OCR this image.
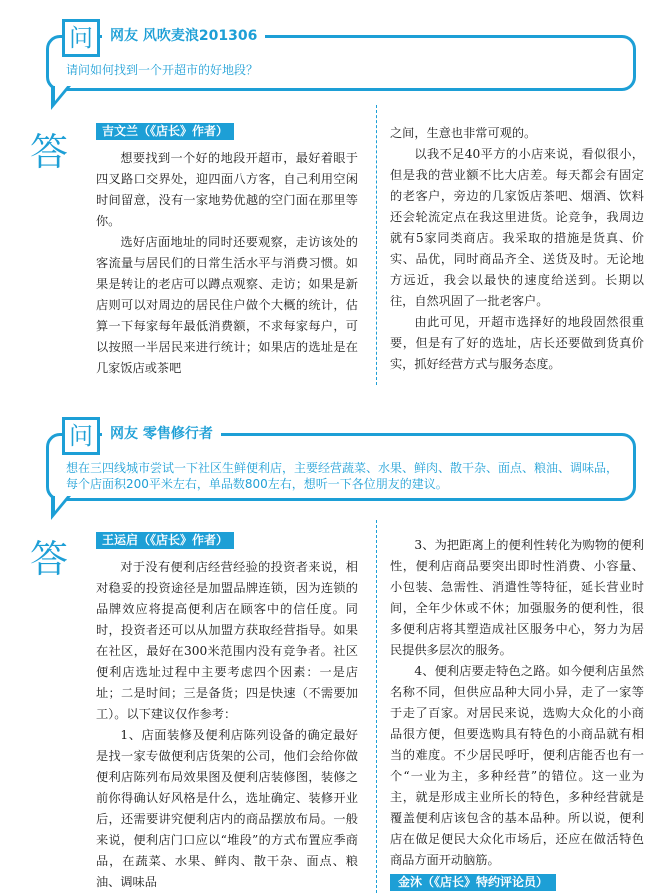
问	网友 风吹麦浪201306
请问如何找到一个开超市的好地段？
答	吉文兰（《店长》作者）

想要找到一个好的地段开超市，最好着眼于四叉路口交界处，迎四面八方客，自己利用空闲时间留意，没有一家地势优越的空门面在那里等你。

选好店面地址的同时还要观察，走访该处的客流量与居民们的日常生活水平与消费习惯。如果是转让的老店可以蹲点观察、走访；如果是新店则可以对周边的居民住户做个大概的统计，估算一下每家每年最低消费额，不求每家每户，可以按照一半居民来进行统计；如果店的选址是在几家饭店或茶吧

之间，生意也非常可观的。

以我不足40平方的小店来说，看似很小，但是我的营业额不比大店差。每天都会有固定的老客户，旁边的几家饭店茶吧、烟酒、饮料还会轮流定点在我这里进货。论竞争，我周边就有5家同类商店。我采取的措施是货真、价实、品优，同时商品齐全、送货及时。无论地方远近，我会以最快的速度给送到。长期以往，自然巩固了一批老客户。

由此可见，开超市选择好的地段固然很重要，但是有了好的选址，店长还要做到货真价实，抓好经营方式与服务态度。

问	网友 零售修行者
想在三四线城市尝试一下社区生鲜便利店，主要经营蔬菜、水果、鲜肉、散干杂、面点、粮油、调味品，每个店面积200平米左右，单品数800左右，想听一下各位朋友的建议。
答	王运启（《店长》作者）

对于没有便利店经营经验的投资者来说，相对稳妥的投资途径是加盟品牌连锁，因为连锁的品牌效应将提高便利店在顾客中的信任度。同时，投资者还可以从加盟方获取经营指导。如果在社区，最好在300米范围内没有竞争者。社区便利店选址过程中主要考虑四个因素：一是店址；二是时间；三是备货；四是快速（不需要加工）。以下建议仅作参考：

1、店面装修及便利店陈列设备的确定最好是找一家专做便利店货架的公司，他们会给你做便利店陈列布局效果图及便利店装修图，装修之前你得确认好风格是什么，选址确定、装修开业后，还需要讲究便利店内的商品摆放布局。一般来说，便利店门口应以“堆段”的方式布置应季商品，在蔬菜、水果、鲜肉、散干杂、面点、粮油、调味品

3、为把距离上的便利性转化为购物的便利性，便利店商品要突出即时性消费、小容量、小包装、急需性、消遣性等特征，延长营业时间，全年少休或不休；加强服务的便利性，很多便利店将其塑造成社区服务中心，努力为居民提供多层次的服务。

4、便利店要走特色之路。如今便利店虽然名称不同，但供应品种大同小异，走了一家等于走了百家。对居民来说，选购大众化的小商品很方便，但要选购具有特色的小商品就有相当的难度。不少居民呼吁，便利店能否也有一个“一业为主，多种经营”的错位。这一业为主，就是形成主业所长的特色，多种经营就是覆盖便利店该包含的基本品种。所以说，便利店在做足便民大众化市场后，还应在做活特色商品方面开动脑筋。

金沐（《店长》特约评论员）
